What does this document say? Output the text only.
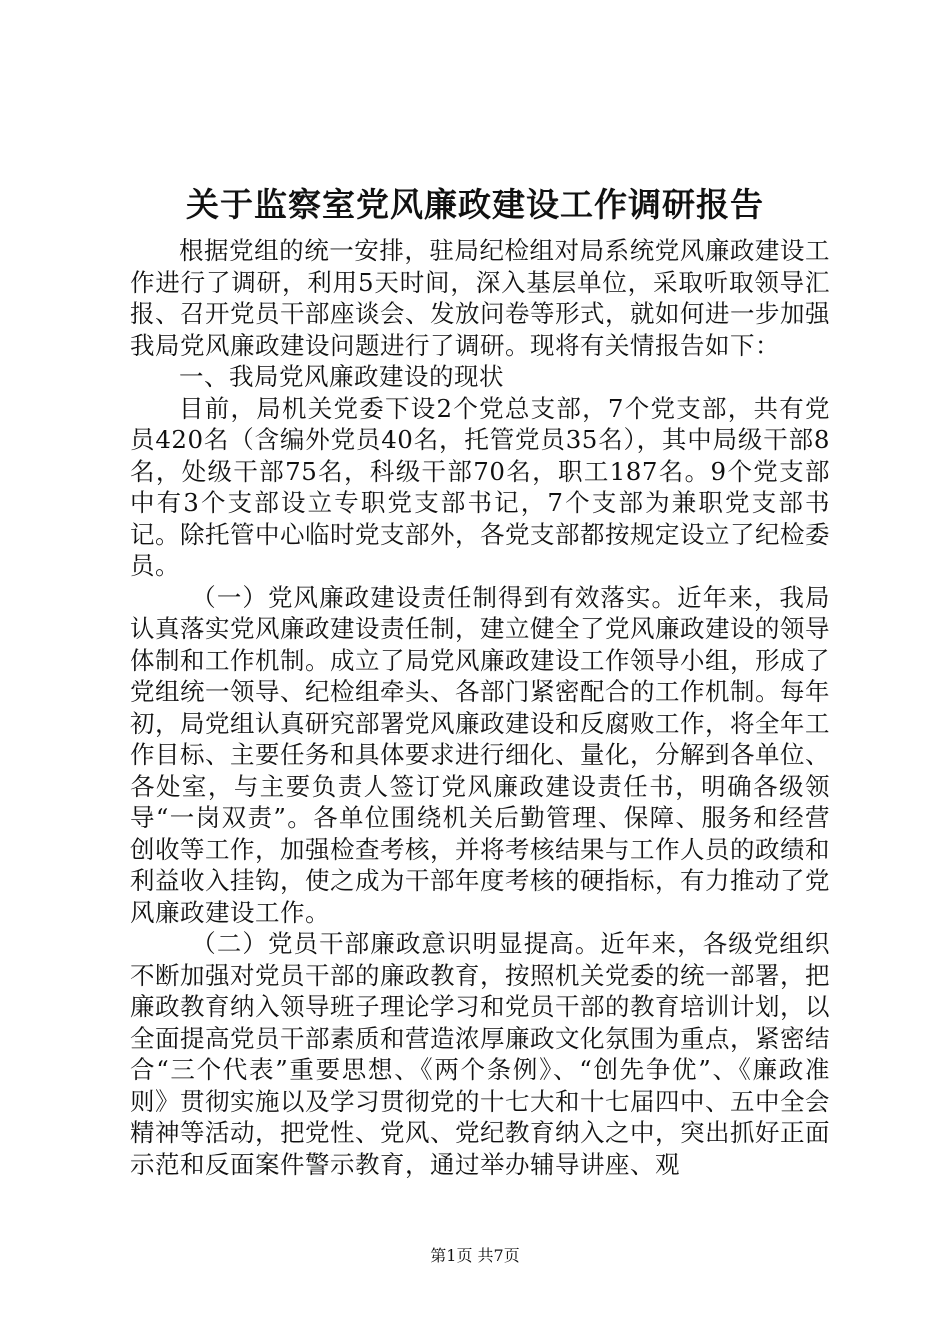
关于监察室党风廉政建设工作调研报告

根据党组的统一安排，驻局纪检组对局系统党风廉政建设工作进行了调研，利用5天时间，深入基层单位，采取听取领导汇报、召开党员干部座谈会、发放问卷等形式，就如何进一步加强我局党风廉政建设问题进行了调研。现将有关情报告如下：

一、我局党风廉政建设的现状

目前，局机关党委下设2个党总支部，7个党支部，共有党员420名（含编外党员40名，托管党员35名），其中局级干部8名，处级干部75名，科级干部70名，职工187名。9个党支部中有3个支部设立专职党支部书记，7个支部为兼职党支部书记。除托管中心临时党支部外，各党支部都按规定设立了纪检委员。

（一）党风廉政建设责任制得到有效落实。近年来，我局认真落实党风廉政建设责任制，建立健全了党风廉政建设的领导体制和工作机制。成立了局党风廉政建设工作领导小组，形成了党组统一领导、纪检组牵头、各部门紧密配合的工作机制。每年初，局党组认真研究部署党风廉政建设和反腐败工作，将全年工作目标、主要任务和具体要求进行细化、量化，分解到各单位、各处室，与主要负责人签订党风廉政建设责任书，明确各级领导“一岗双责”。各单位围绕机关后勤管理、保障、服务和经营创收等工作，加强检查考核，并将考核结果与工作人员的政绩和利益收入挂钩，使之成为干部年度考核的硬指标，有力推动了党风廉政建设工作。

（二）党员干部廉政意识明显提高。近年来，各级党组织不断加强对党员干部的廉政教育，按照机关党委的统一部署，把廉政教育纳入领导班子理论学习和党员干部的教育培训计划，以全面提高党员干部素质和营造浓厚廉政文化氛围为重点，紧密结合“三个代表”重要思想、《两个条例》、“创先争优”、《廉政准则》贯彻实施以及学习贯彻党的十七大和十七届四中、五中全会精神等活动，把党性、党风、党纪教育纳入之中，突出抓好正面示范和反面案件警示教育，通过举办辅导讲座、观

第1页 共7页
